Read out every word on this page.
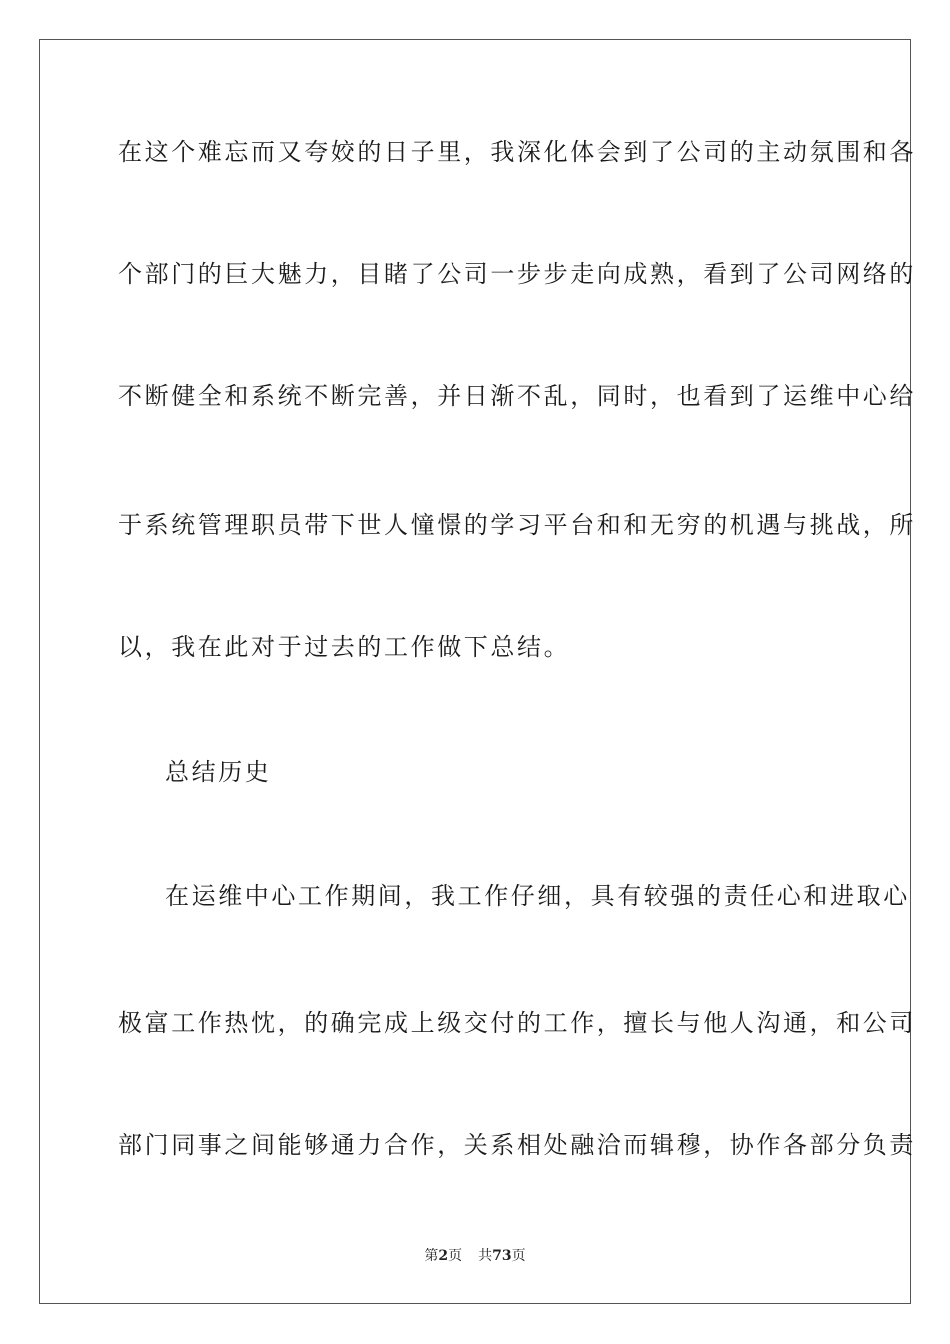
在这个难忘而又夸姣的日子里，我深化体会到了公司的主动氛围和各
个部门的巨大魅力，目睹了公司一步步走向成熟，看到了公司网络的
不断健全和系统不断完善，并日渐不乱，同时，也看到了运维中心给
于系统管理职员带下世人憧憬的学习平台和和无穷的机遇与挑战，所
以，我在此对于过去的工作做下总结。
总结历史
在运维中心工作期间，我工作仔细，具有较强的责任心和进取心
极富工作热忱，的确完成上级交付的工作，擅长与他人沟通，和公司
部门同事之间能够通力合作，关系相处融洽而辑穆，协作各部分负责
第2页 共73页
